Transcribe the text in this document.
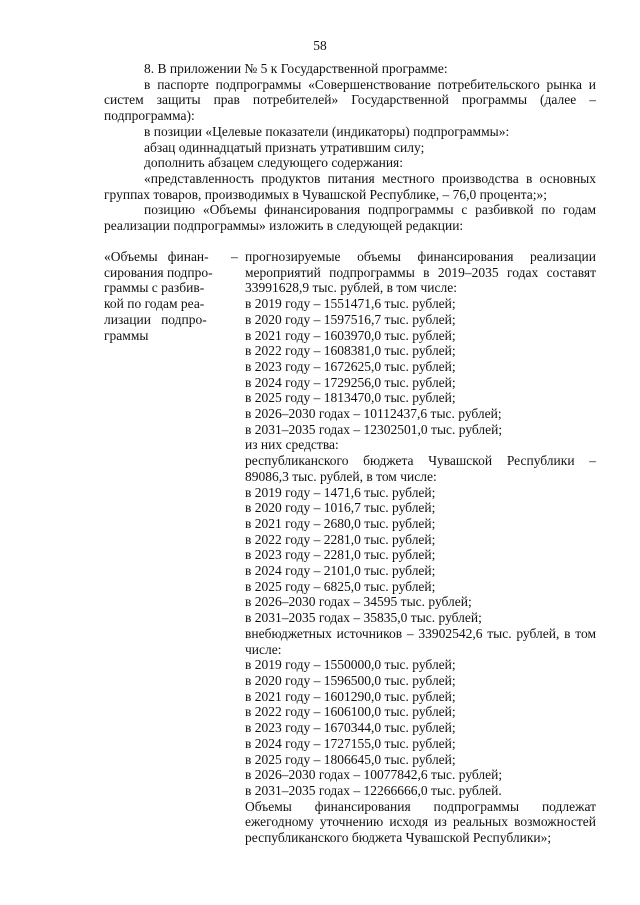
58

8. В приложении № 5 к Государственной программе:

в паспорте подпрограммы «Совершенствование потребительского рынка и систем защиты прав потребителей» Государственной программы (далее – подпрограмма):

в позиции «Целевые показатели (индикаторы) подпрограммы»:

абзац одиннадцатый признать утратившим силу;

дополнить абзацем следующего содержания:

«представленность продуктов питания местного производства в основных группах товаров, производимых в Чувашской Республике, – 76,0 процента;»;

позицию «Объемы финансирования подпрограммы с разбивкой по годам реализации подпрограммы» изложить в следующей редакции:

«Объемы   финан-
сирования подпро-
граммы с разбив-
кой по годам реа-
лизации   подпро-
граммы
– прогнозируемые объемы финансирования реализации мероприятий подпрограммы в 2019–2035 годах составят 33991628,9 тыс. рублей, в том числе:

в 2019 году – 1551471,6 тыс. рублей;

в 2020 году – 1597516,7 тыс. рублей;

в 2021 году – 1603970,0 тыс. рублей;

в 2022 году – 1608381,0 тыс. рублей;

в 2023 году – 1672625,0 тыс. рублей;

в 2024 году – 1729256,0 тыс. рублей;

в 2025 году – 1813470,0 тыс. рублей;

в 2026–2030 годах – 10112437,6 тыс. рублей;

в 2031–2035 годах – 12302501,0 тыс. рублей;

из них средства:

республиканского бюджета Чувашской Республики – 89086,3 тыс. рублей, в том числе:

в 2019 году – 1471,6 тыс. рублей;

в 2020 году – 1016,7 тыс. рублей;

в 2021 году – 2680,0 тыс. рублей;

в 2022 году – 2281,0 тыс. рублей;

в 2023 году – 2281,0 тыс. рублей;

в 2024 году – 2101,0 тыс. рублей;

в 2025 году – 6825,0 тыс. рублей;

в 2026–2030 годах – 34595 тыс. рублей;

в 2031–2035 годах – 35835,0 тыс. рублей;

внебюджетных источников – 33902542,6 тыс. рублей, в том числе:

в 2019 году – 1550000,0 тыс. рублей;

в 2020 году – 1596500,0 тыс. рублей;

в 2021 году – 1601290,0 тыс. рублей;

в 2022 году – 1606100,0 тыс. рублей;

в 2023 году – 1670344,0 тыс. рублей;

в 2024 году – 1727155,0 тыс. рублей;

в 2025 году – 1806645,0 тыс. рублей;

в 2026–2030 годах – 10077842,6 тыс. рублей;

в 2031–2035 годах – 12266666,0 тыс. рублей.

Объемы финансирования подпрограммы подлежат ежегодному уточнению исходя из реальных возможностей республиканского бюджета Чувашской Республики»;
